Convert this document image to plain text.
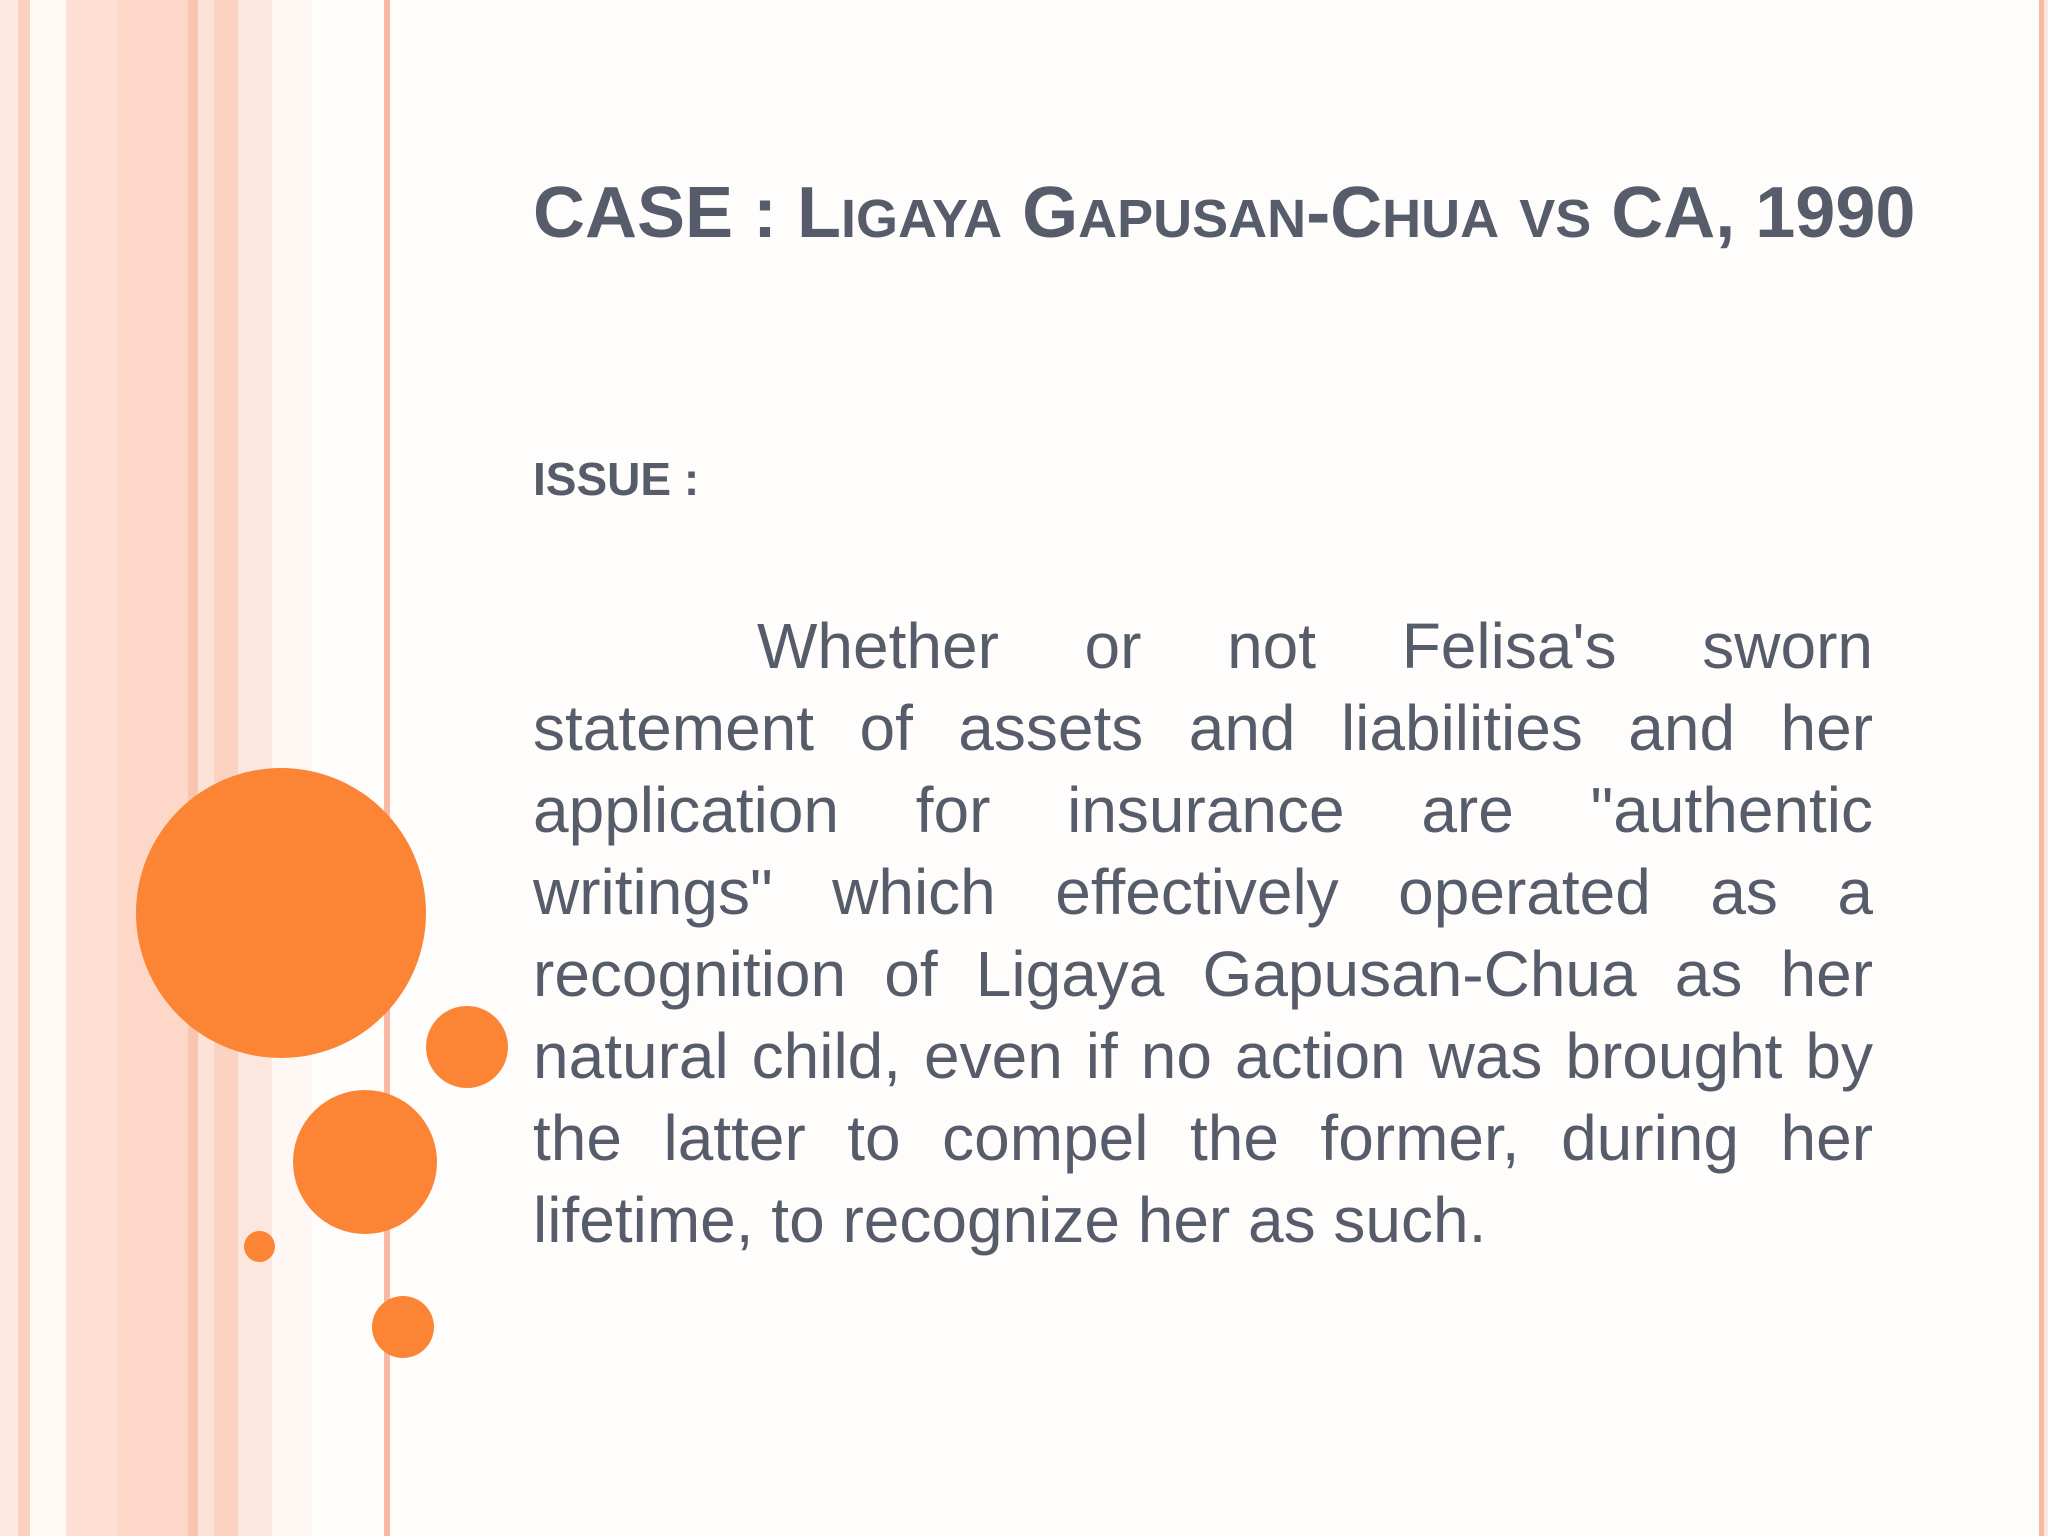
CASE : LIGAYA GAPUSAN-CHUA VS CA, 1990
ISSUE :

Whether or not Felisa's sworn statement of assets and liabilities and her application for insurance are "authentic writings" which effectively operated as a recognition of Ligaya Gapusan-Chua as her natural child, even if no action was brought by the latter to compel the former, during her lifetime, to recognize her as such.
